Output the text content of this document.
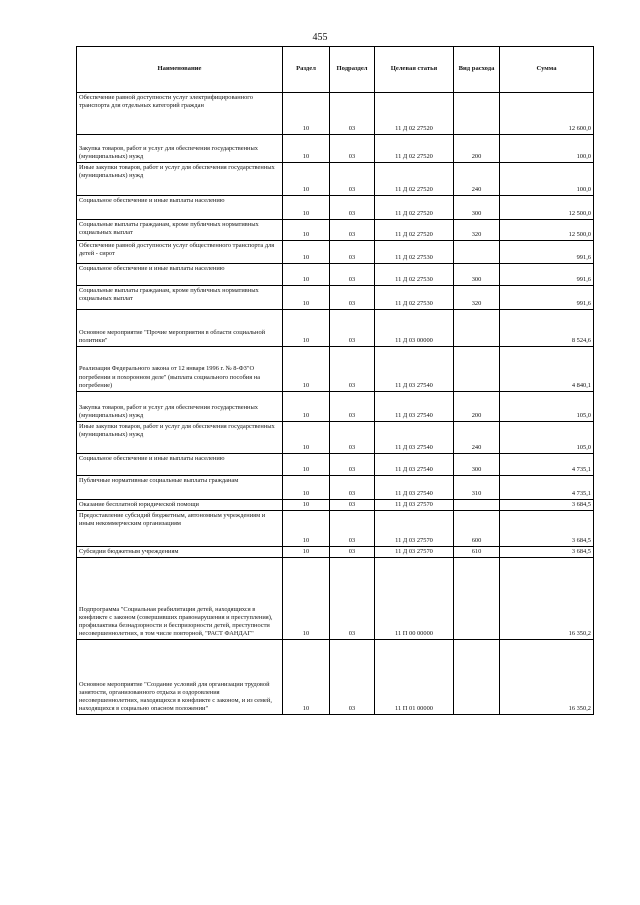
455
Наименование	Раздел	Подраздел	Целевая статья	Вид расхода	Сумма
Обеспечение равной доступности услуг электрифицированного транспорта для отдельных категорий граждан	10	03	11 Д 02 27520		12 600,0
Закупка товаров, работ и услуг для обеспечения государственных (муниципальных) нужд	10	03	11 Д 02 27520	200	100,0
Иные закупки товаров, работ и услуг для обеспечения государственных (муниципальных) нужд	10	03	11 Д 02 27520	240	100,0
Социальное обеспечение и иные выплаты населению	10	03	11 Д 02 27520	300	12 500,0
Социальные выплаты гражданам, кроме публичных нормативных социальных выплат	10	03	11 Д 02 27520	320	12 500,0
Обеспечение равной доступности услуг общественного транспорта для детей - сирот	10	03	11 Д 02 27530		991,6
Социальное обеспечение и иные выплаты населению	10	03	11 Д 02 27530	300	991,6
Социальные выплаты гражданам, кроме публичных нормативных социальных выплат	10	03	11 Д 02 27530	320	991,6
Основное мероприятие "Прочие мероприятия в области социальной политики"	10	03	11 Д 03 00000		8 524,6
Реализация Федерального закона от 12 января 1996 г. № 8-ФЗ"О погребении и похоронном деле" (выплата социального пособия на погребение)	10	03	11 Д 03 27540		4 840,1
Закупка товаров, работ и услуг для обеспечения государственных (муниципальных) нужд	10	03	11 Д 03 27540	200	105,0
Иные закупки товаров, работ и услуг для обеспечения государственных (муниципальных) нужд	10	03	11 Д 03 27540	240	105,0
Социальное обеспечение и иные выплаты населению	10	03	11 Д 03 27540	300	4 735,1
Публичные нормативные социальные выплаты гражданам	10	03	11 Д 03 27540	310	4 735,1
Оказание бесплатной юридической помощи	10	03	11 Д 03 27570		3 684,5
Предоставление субсидий бюджетным, автономным учреждениям и иным некоммерческим организациям	10	03	11 Д 03 27570	600	3 684,5
Субсидии бюджетным учреждениям	10	03	11 Д 03 27570	610	3 684,5
Подпрограмма "Социальная реабилитация детей, находящихся в конфликте с законом (совершивших правонарушения и преступления), профилактика безнадзорности и беспризорности детей, преступности несовершеннолетних, в том числе повторной, "РАСТ ФАНДАГ"	10	03	11 П 00 00000		16 350,2
Основное мероприятие "Создание условий для организации трудовой занятости, организованного отдыха и оздоровления несовершеннолетних, находящихся в конфликте с законом, и из семей, находящихся в социально опасном положении"	10	03	11 П 01 00000		16 350,2
